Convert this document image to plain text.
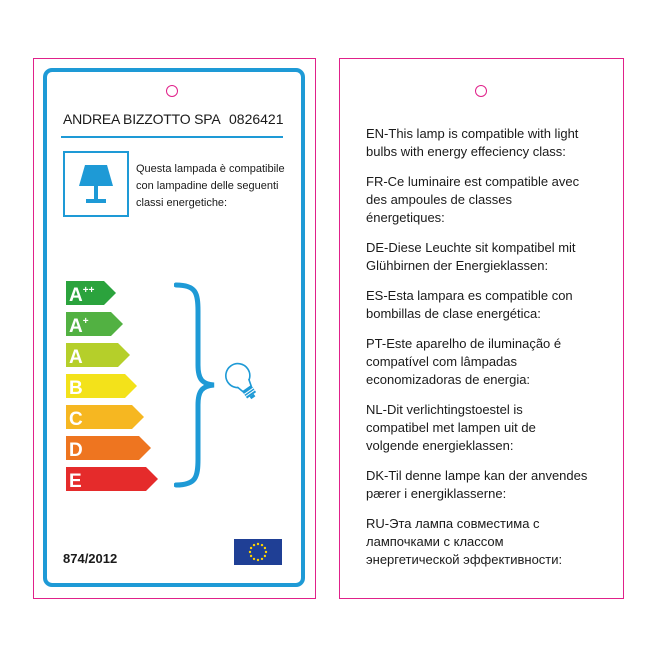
ANDREA BIZZOTTO SPA 0826421
Questa lampada è compatibile
con lampadine delle seguenti
classi energetiche:
A++
A+
A
B
C
D
E
874/2012
EN-This lamp is compatible with light
bulbs with energy effeciency class:
FR-Ce luminaire est compatible avec
des ampoules de classes
énergetiques:
DE-Diese Leuchte sit kompatibel mit
Glühbirnen der Energieklassen:
ES-Esta lampara es compatible con
bombillas de clase energética:
PT-Este aparelho de iluminação é
compatível com lâmpadas
economizadoras de energia:
NL-Dit verlichtingstoestel is
compatibel met lampen uit de
volgende energieklassen:
DK-Til denne lampe kan der anvendes
pærer i energiklasserne:
RU-Эта лампа совместима с
лампочками с классом
энергетической эффективности:
